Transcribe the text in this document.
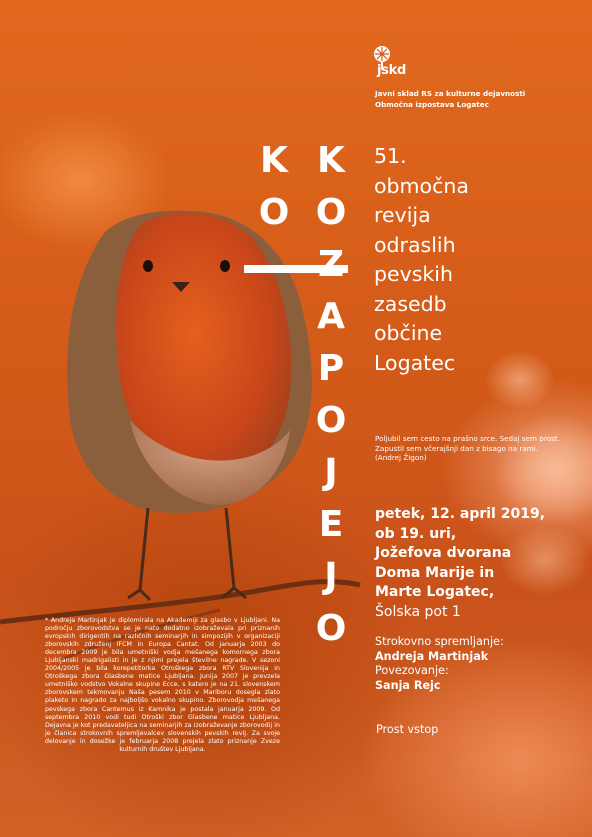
jskd
Javni sklad RS za kulturne dejavnosti
Območna izpostava Logatec
K
O
K
O
A
P
O
J
E
J
O
51.
območna
revija
odraslih
pevskih
zasedb
občine
Logatec
Poljubil sem cesto na prašno srce. Sedaj sem prost.
Zapustil sem včerajšnji dan z bisago na rami.
(Andrej Žigon)
petek, 12. april 2019,
ob 19. uri,
Jožefova dvorana
Doma Marije in
Marte Logatec,
Šolska pot 1
Strokovno spremljanje:
Andreja Martinjak
Povezovanje:
Sanja Rejc
Prost vstop
* Andreja Martinjak je diplomirala na Akademiji za glasbo v Ljubljani. Na področju zborovodstva se je nato dodatno izobraževala pri priznanih evropskih dirigentih na različnih seminarjih in simpozijih v organizaciji zborovskih združenj IFCM in Europa Cantat. Od januarja 2003 do decembra 2009 je bila umetniški vodja mešanega komornega zbora Ljubljanski madrigalisti in je z njimi prejela številne nagrade. V sezoni 2004/2005 je bila korepetitorka Otroškega zbora RTV Slovenija in Otroškega zbora Glasbene matice Ljubljana. Junija 2007 je prevzela umetniško vodstvo Vokalne skupine Ecce, s katero je na 21. slovenskem zborovskem tekmovanju Naša pesem 2010 v Mariboru dosegla zlato plaketo in nagrado za najboljšo vokalno skupino. Zborovodja mešanega pevskega zbora Cantemus iz Kamnika je postala januarja 2009. Od septembra 2010 vodi tudi Otroški zbor Glasbene matice Ljubljana. Dejavna je kot predavateljica na seminarjih za izobraževanje zborovodij in je članica strokovnih spremljevalcev slovenskih pevskih revij. Za svoje delovanje in dosežke je februarja 2008 prejela zlato priznanje Zveze kulturnih društev Ljubljana.
